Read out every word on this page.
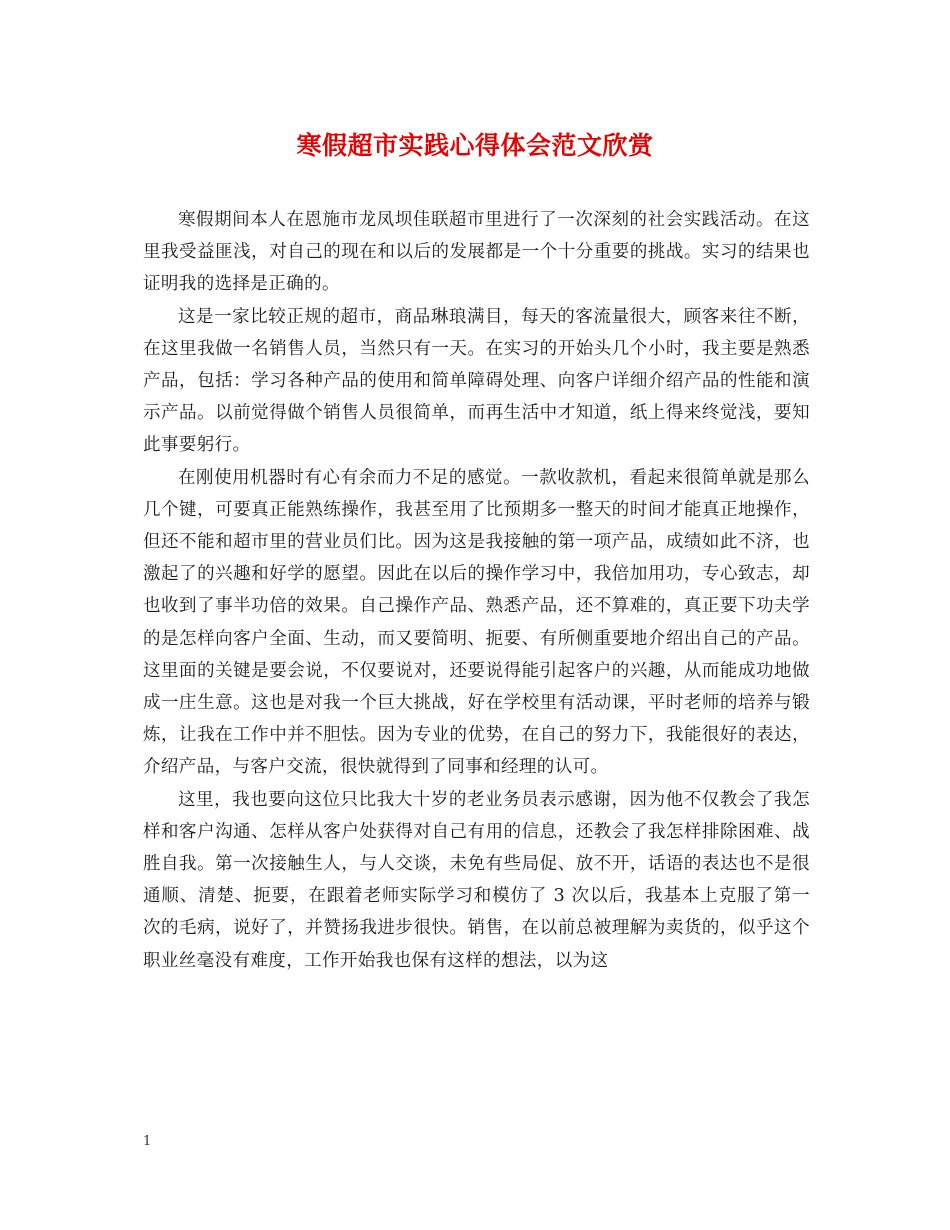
寒假超市实践心得体会范文欣赏

寒假期间本人在恩施市龙凤坝佳联超市里进行了一次深刻的社会实践活动。在这里我受益匪浅，对自己的现在和以后的发展都是一个十分重要的挑战。实习的结果也证明我的选择是正确的。

这是一家比较正规的超市，商品琳琅满目，每天的客流量很大，顾客来往不断，在这里我做一名销售人员，当然只有一天。在实习的开始头几个小时，我主要是熟悉产品，包括：学习各种产品的使用和简单障碍处理、向客户详细介绍产品的性能和演示产品。以前觉得做个销售人员很简单，而再生活中才知道，纸上得来终觉浅，要知此事要躬行。

在刚使用机器时有心有余而力不足的感觉。一款收款机，看起来很简单就是那么几个键，可要真正能熟练操作，我甚至用了比预期多一整天的时间才能真正地操作，但还不能和超市里的营业员们比。因为这是我接触的第一项产品，成绩如此不济，也激起了的兴趣和好学的愿望。因此在以后的操作学习中，我倍加用功，专心致志，却也收到了事半功倍的效果。自己操作产品、熟悉产品，还不算难的，真正要下功夫学的是怎样向客户全面、生动，而又要简明、扼要、有所侧重要地介绍出自己的产品。这里面的关键是要会说，不仅要说对，还要说得能引起客户的兴趣，从而能成功地做成一庄生意。这也是对我一个巨大挑战，好在学校里有活动课，平时老师的培养与锻炼，让我在工作中并不胆怯。因为专业的优势，在自己的努力下，我能很好的表达，介绍产品，与客户交流，很快就得到了同事和经理的认可。

这里，我也要向这位只比我大十岁的老业务员表示感谢，因为他不仅教会了我怎样和客户沟通、怎样从客户处获得对自己有用的信息，还教会了我怎样排除困难、战胜自我。第一次接触生人，与人交谈，未免有些局促、放不开，话语的表达也不是很通顺、清楚、扼要，在跟着老师实际学习和模仿了 3 次以后，我基本上克服了第一次的毛病，说好了，并赞扬我进步很快。销售，在以前总被理解为卖货的，似乎这个职业丝毫没有难度，工作开始我也保有这样的想法，以为这

1
